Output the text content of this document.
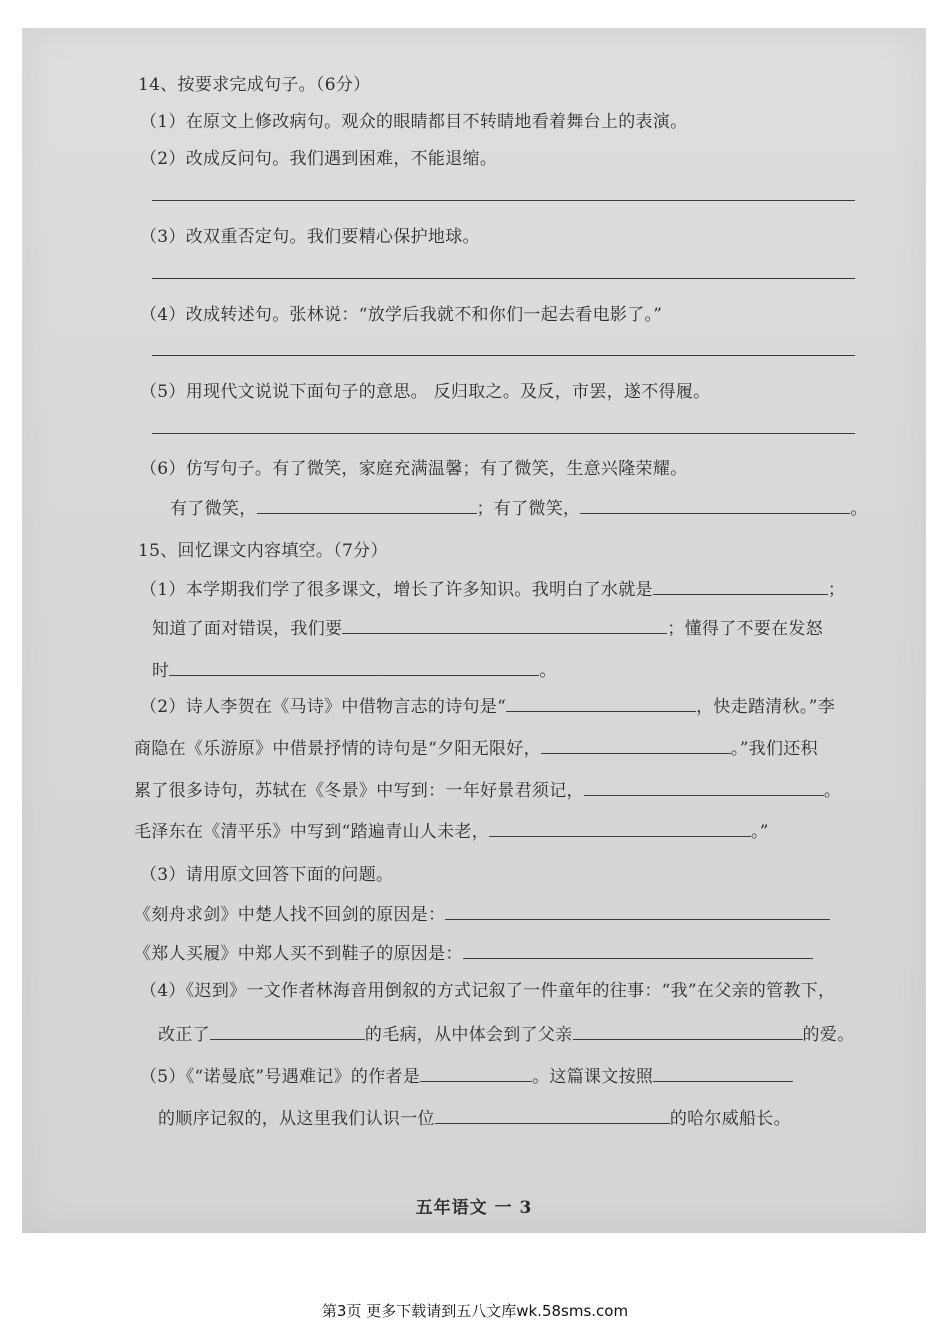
14、按要求完成句子。（6分）
（1）在原文上修改病句。观众的眼睛都目不转睛地看着舞台上的表演。
（2）改成反问句。我们遇到困难，不能退缩。
（3）改双重否定句。我们要精心保护地球。
（4）改成转述句。张林说：“放学后我就不和你们一起去看电影了。”
（5）用现代文说说下面句子的意思。 反归取之。及反，市罢，遂不得履。
（6）仿写句子。有了微笑，家庭充满温馨；有了微笑，生意兴隆荣耀。
有了微笑，	；有了微笑，	。
15、回忆课文内容填空。（7分）
（1）本学期我们学了很多课文，增长了许多知识。我明白了水就是	；
知道了面对错误，我们要	；懂得了不要在发怒
时	。
（2）诗人李贺在《马诗》中借物言志的诗句是“	，快走踏清秋。”李
商隐在《乐游原》中借景抒情的诗句是“夕阳无限好，	。”我们还积
累了很多诗句，苏轼在《冬景》中写到：一年好景君须记，	。
毛泽东在《清平乐》中写到“踏遍青山人未老，	。”
（3）请用原文回答下面的问题。
《刻舟求剑》中楚人找不回剑的原因是：
《郑人买履》中郑人买不到鞋子的原因是：
（4）《迟到》一文作者林海音用倒叙的方式记叙了一件童年的往事：“我”在父亲的管教下，
改正了	的毛病，从中体会到了父亲	的爱。
（5）《“诺曼底”号遇难记》的作者是	。这篇课文按照
的顺序记叙的，从这里我们认识一位	的哈尔威船长。
五年语文 一 3
第3页 更多下载请到五八文库wk.58sms.com
